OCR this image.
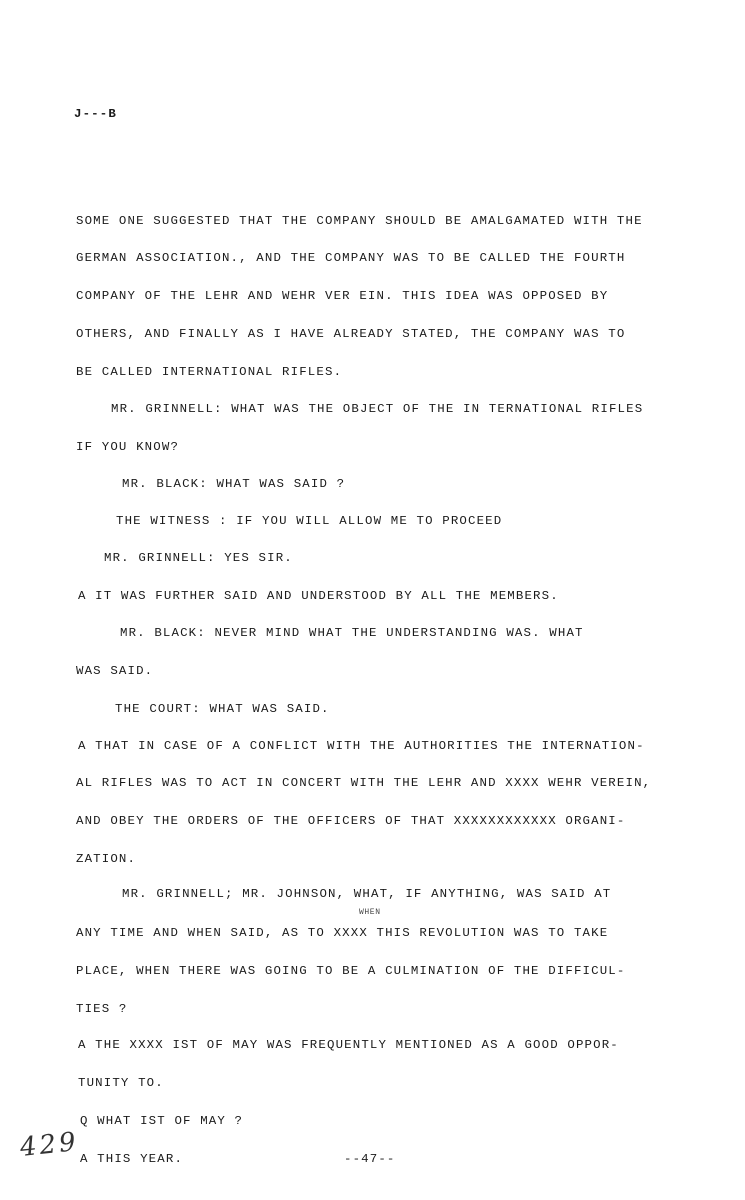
J---B

SOME ONE SUGGESTED THAT THE COMPANY SHOULD BE AMALGAMATED WITH THE

GERMAN ASSOCIATION., AND THE COMPANY WAS TO BE CALLED THE FOURTH

COMPANY OF THE LEHR AND WEHR VER EIN. THIS IDEA WAS OPPOSED BY

OTHERS, AND FINALLY AS I HAVE ALREADY STATED, THE COMPANY WAS TO

BE CALLED INTERNATIONAL RIFLES.

MR. GRINNELL: WHAT WAS THE OBJECT OF THE IN TERNATIONAL RIFLES

IF YOU KNOW?

MR. BLACK: WHAT WAS SAID ?

THE WITNESS : IF YOU WILL ALLOW ME TO PROCEED

MR. GRINNELL: YES SIR.

A IT WAS FURTHER SAID AND UNDERSTOOD BY ALL THE MEMBERS.

MR. BLACK: NEVER MIND WHAT THE UNDERSTANDING WAS. WHAT

WAS SAID.

THE COURT: WHAT WAS SAID.

A THAT IN CASE OF A CONFLICT WITH THE AUTHORITIES THE INTERNATION-

AL RIFLES WAS TO ACT IN CONCERT WITH THE LEHR AND XXXX WEHR VEREIN,

AND OBEY THE ORDERS OF THE OFFICERS OF THAT XXXXXXXXXXXX ORGANI-

ZATION.

MR. GRINNELL; MR. JOHNSON, WHAT, IF ANYTHING, WAS SAID AT

WHEN

ANY TIME AND WHEN SAID, AS TO XXXX THIS REVOLUTION WAS TO TAKE

PLACE, WHEN THERE WAS GOING TO BE A CULMINATION OF THE DIFFICUL-

TIES ?

A THE XXXX IST OF MAY WAS FREQUENTLY MENTIONED AS A GOOD OPPOR-

TUNITY TO.

Q WHAT IST OF MAY ?

A THIS YEAR.

	--47--

429
